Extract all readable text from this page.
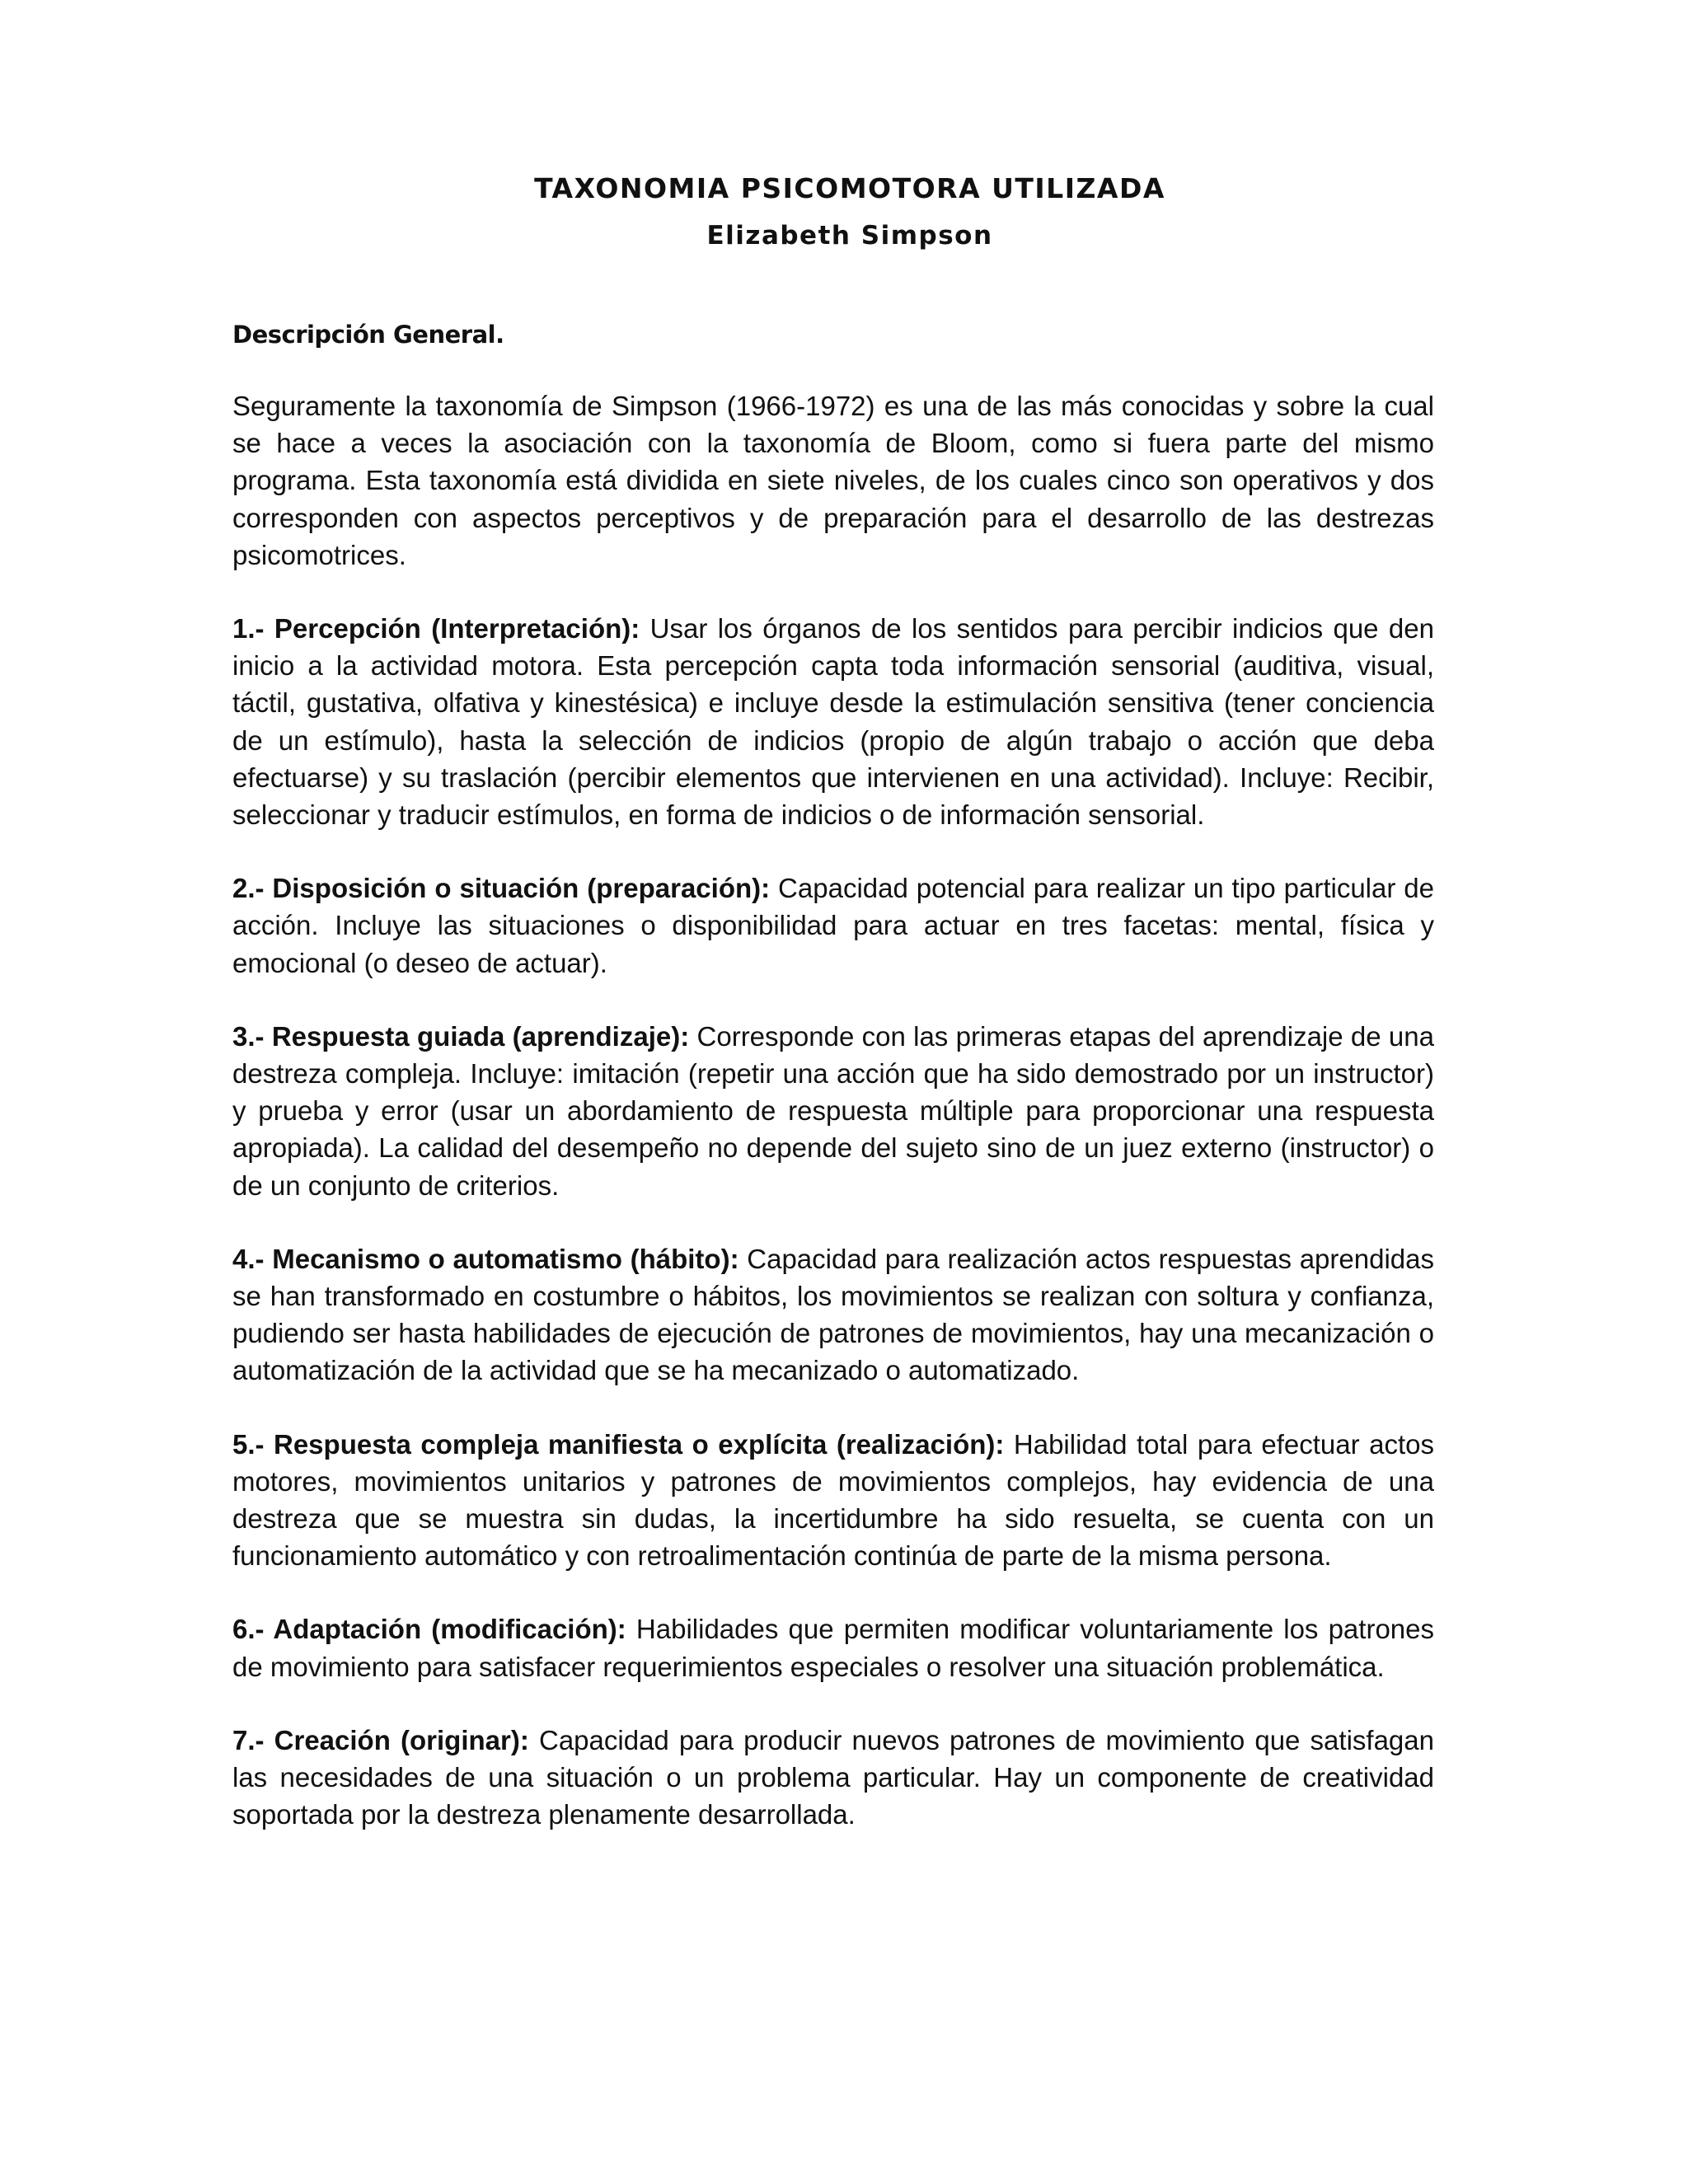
TAXONOMIA PSICOMOTORA UTILIZADA
Elizabeth Simpson
Descripción General.

Seguramente la taxonomía de Simpson (1966-1972) es una de las más conocidas y sobre la cual se hace a veces la asociación con la taxonomía de Bloom, como si fuera parte del mismo programa. Esta taxonomía está dividida en siete niveles, de los cuales cinco son operativos y dos corresponden con aspectos perceptivos y de preparación para el desarrollo de las destrezas psicomotrices.

1.- Percepción (Interpretación): Usar los órganos de los sentidos para percibir indicios que den inicio a la actividad motora. Esta percepción capta toda información sensorial (auditiva, visual, táctil, gustativa, olfativa y kinestésica) e incluye desde la estimulación sensitiva (tener conciencia de un estímulo), hasta la selección de indicios (propio de algún trabajo o acción que deba efectuarse) y su traslación (percibir elementos que intervienen en una actividad). Incluye: Recibir, seleccionar y traducir estímulos, en forma de indicios o de información sensorial.

2.- Disposición o situación (preparación): Capacidad potencial para realizar un tipo particular de acción. Incluye las situaciones o disponibilidad para actuar en tres facetas: mental, física y emocional (o deseo de actuar).

3.- Respuesta guiada (aprendizaje): Corresponde con las primeras etapas del aprendizaje de una destreza compleja. Incluye: imitación (repetir una acción que ha sido demostrado por un instructor) y prueba y error (usar un abordamiento de respuesta múltiple para proporcionar una respuesta apropiada). La calidad del desempeño no depende del sujeto sino de un juez externo (instructor) o de un conjunto de criterios.

4.- Mecanismo o automatismo (hábito): Capacidad para realización actos respuestas aprendidas se han transformado en costumbre o hábitos, los movimientos se realizan con soltura y confianza, pudiendo ser hasta habilidades de ejecución de patrones de movimientos, hay una mecanización o automatización de la actividad que se ha mecanizado o automatizado.

5.- Respuesta compleja manifiesta o explícita (realización): Habilidad total para efectuar actos motores, movimientos unitarios y patrones de movimientos complejos, hay evidencia de una destreza que se muestra sin dudas, la incertidumbre ha sido resuelta, se cuenta con un funcionamiento automático y con retroalimentación continúa de parte de la misma persona.

6.- Adaptación (modificación): Habilidades que permiten modificar voluntariamente los patrones de movimiento para satisfacer requerimientos especiales o resolver una situación problemática.

7.- Creación (originar): Capacidad para producir nuevos patrones de movimiento que satisfagan las necesidades de una situación o un problema particular. Hay un componente de creatividad soportada por la destreza plenamente desarrollada.
